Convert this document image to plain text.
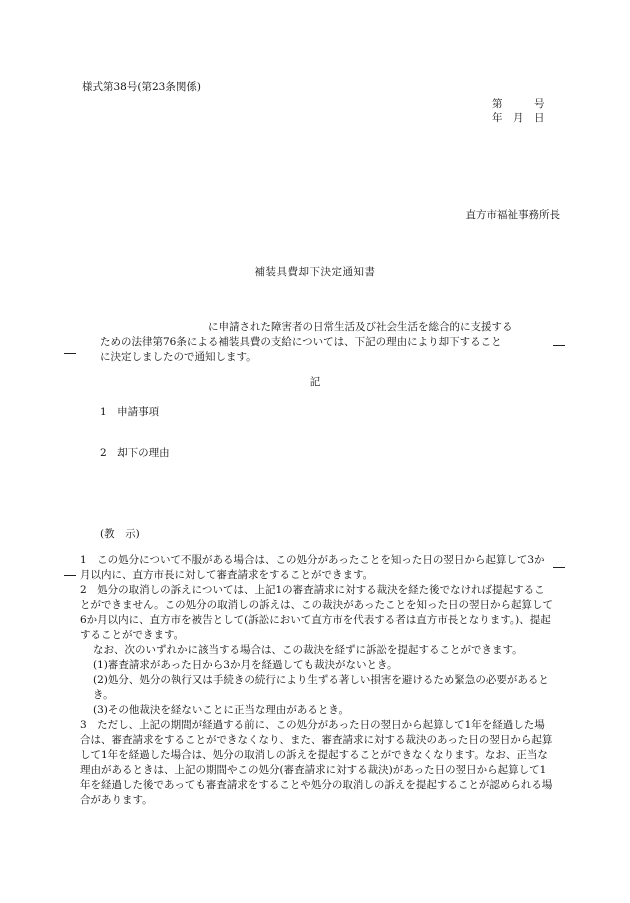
様式第38号(第23条関係)
第　　　号
年　月　日
直方市福祉事務所長
補装具費却下決定通知書
に申請された障害者の日常生活及び社会生活を総合的に支援する
ための法律第76条による補装具費の支給については、下記の理由により却下すること
に決定しましたので通知します。
記
1　申請事項
2　却下の理由
(教　示)

1　この処分について不服がある場合は、この処分があったことを知った日の翌日から起算して3か月以内に、直方市長に対して審査請求をすることができます。

2　処分の取消しの訴えについては、上記1の審査請求に対する裁決を経た後でなければ提起することができません。この処分の取消しの訴えは、この裁決があったことを知った日の翌日から起算して6か月以内に、直方市を被告として(訴訟において直方市を代表する者は直方市長となります。)、提起することができます。

なお、次のいずれかに該当する場合は、この裁決を経ずに訴訟を提起することができます。

(1)審査請求があった日から3か月を経過しても裁決がないとき。

(2)処分、処分の執行又は手続きの続行により生ずる著しい損害を避けるため緊急の必要があるとき。

(3)その他裁決を経ないことに正当な理由があるとき。

3　ただし、上記の期間が経過する前に、この処分があった日の翌日から起算して1年を経過した場合は、審査請求をすることができなくなり、また、審査請求に対する裁決のあった日の翌日から起算して1年を経過した場合は、処分の取消しの訴えを提起することができなくなります。なお、正当な理由があるときは、上記の期間やこの処分(審査請求に対する裁決)があった日の翌日から起算して1年を経過した後であっても審査請求をすることや処分の取消しの訴えを提起することが認められる場合があります。
